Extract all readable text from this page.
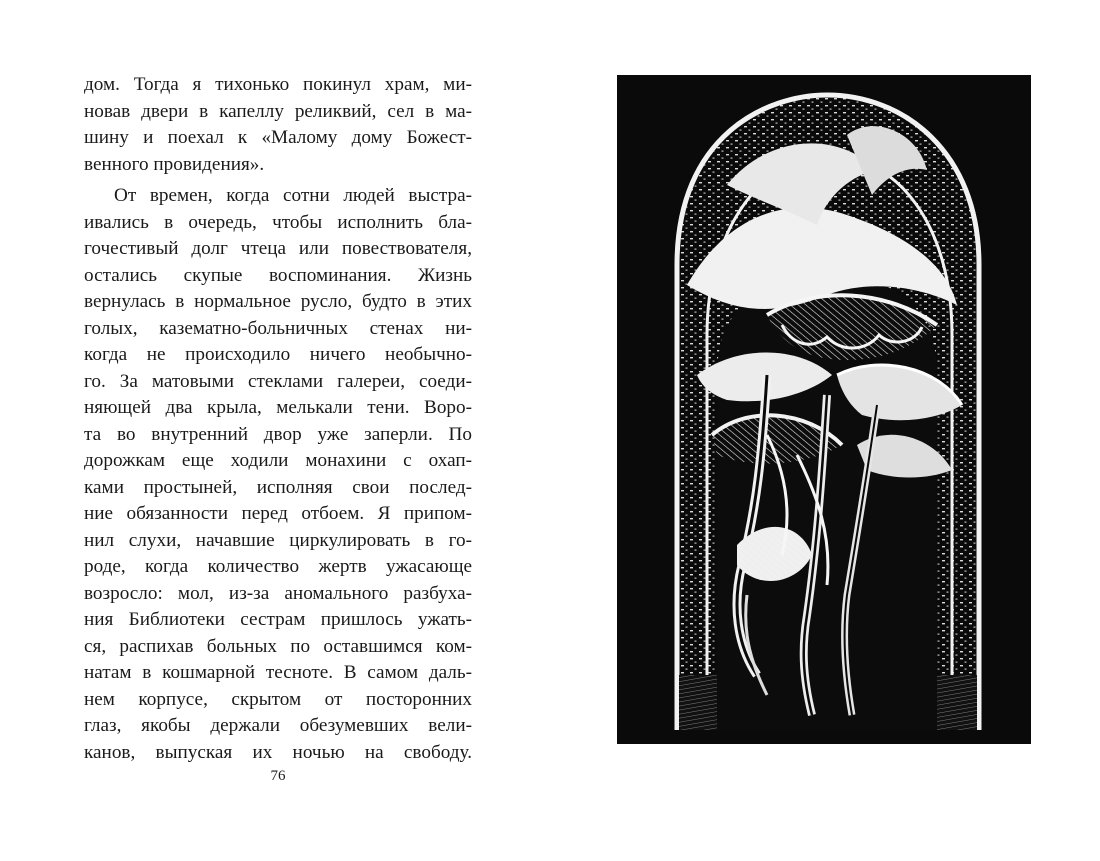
дом. Тогда я тихонько покинул храм, ми-
новав двери в капеллу реликвий, сел в ма-
шину и поехал к «Малому дому Божест-
венного провидения».

От времен, когда сотни людей выстра-
ивались в очередь, чтобы исполнить бла-
гочестивый долг чтеца или повествователя,
остались скупые воспоминания. Жизнь
вернулась в нормальное русло, будто в этих
голых, казематно-больничных стенах ни-
когда не происходило ничего необычно-
го. За матовыми стеклами галереи, соеди-
няющей два крыла, мелькали тени. Воро-
та во внутренний двор уже заперли. По
дорожкам еще ходили монахини с охап-
ками простыней, исполняя свои послед-
ние обязанности перед отбоем. Я припом-
нил слухи, начавшие циркулировать в го-
роде, когда количество жертв ужасающе
возросло: мол, из-за аномального разбуха-
ния Библиотеки сестрам пришлось ужать-
ся, распихав больных по оставшимся ком-
натам в кошмарной тесноте. В самом даль-
нем корпусе, скрытом от посторонних
глаз, якобы держали обезумевших вели-
канов, выпуская их ночью на свободу.

76
